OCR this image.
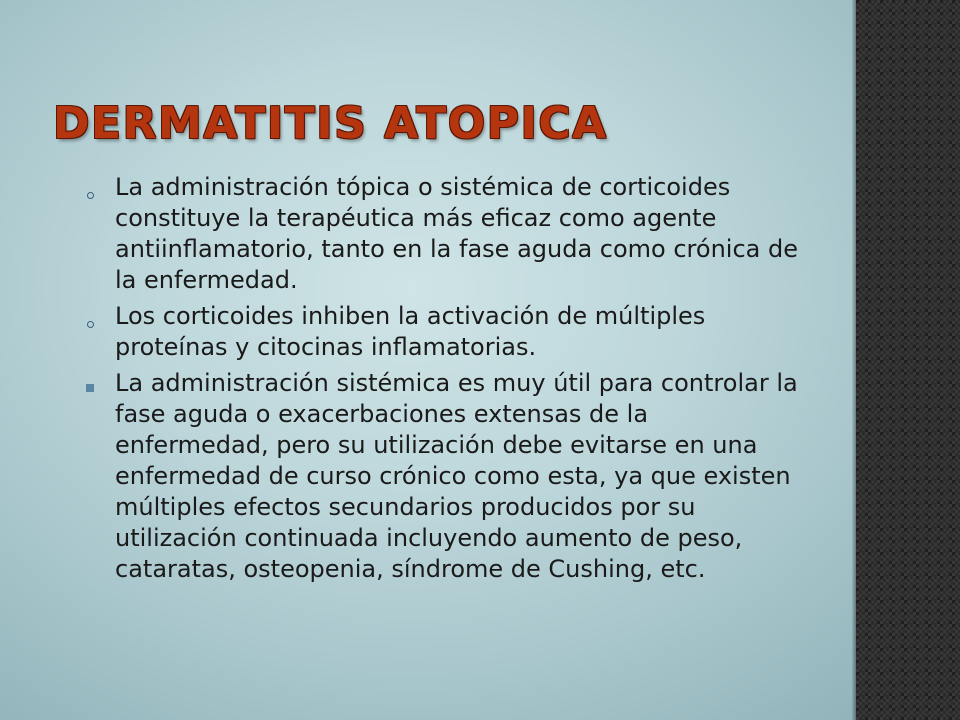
DERMATITIS ATOPICA
La administración tópica o sistémica de corticoides constituye la terapéutica más eficaz como agente antiinflamatorio, tanto en la fase aguda como crónica de la enfermedad.
Los corticoides inhiben la activación de múltiples proteínas y citocinas inflamatorias.
La administración sistémica es muy útil para controlar la fase aguda o exacerbaciones extensas de la enfermedad, pero su utilización debe evitarse en una enfermedad de curso crónico como esta, ya que existen múltiples efectos secundarios producidos por su utilización continuada incluyendo aumento de peso, cataratas, osteopenia, síndrome de Cushing, etc.
